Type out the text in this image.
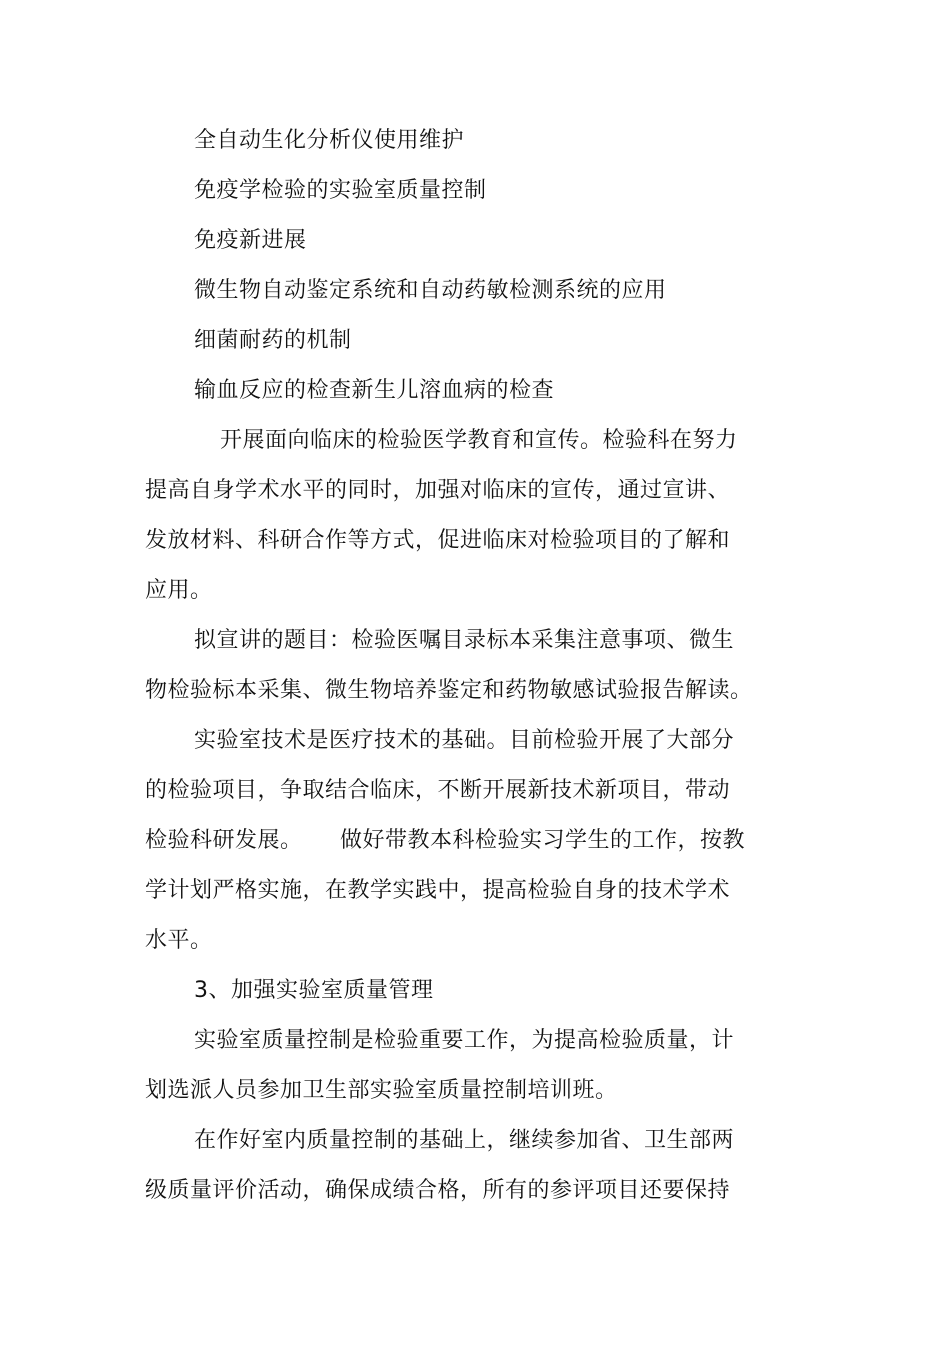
全自动生化分析仪使用维护
免疫学检验的实验室质量控制
免疫新进展
微生物自动鉴定系统和自动药敏检测系统的应用
细菌耐药的机制
输血反应的检查新生儿溶血病的检查
开展面向临床的检验医学教育和宣传。检验科在努力
提高自身学术水平的同时，加强对临床的宣传，通过宣讲、
发放材料、科研合作等方式，促进临床对检验项目的了解和
应用。
拟宣讲的题目：检验医嘱目录标本采集注意事项、微生
物检验标本采集、微生物培养鉴定和药物敏感试验报告解读。
实验室技术是医疗技术的基础。目前检验开展了大部分
的检验项目，争取结合临床，不断开展新技术新项目，带动
检验科研发展。 做好带教本科检验实习学生的工作，按教
学计划严格实施，在教学实践中，提高检验自身的技术学术
水平。
3、加强实验室质量管理
实验室质量控制是检验重要工作，为提高检验质量，计
划选派人员参加卫生部实验室质量控制培训班。
在作好室内质量控制的基础上，继续参加省、卫生部两
级质量评价活动，确保成绩合格，所有的参评项目还要保持
